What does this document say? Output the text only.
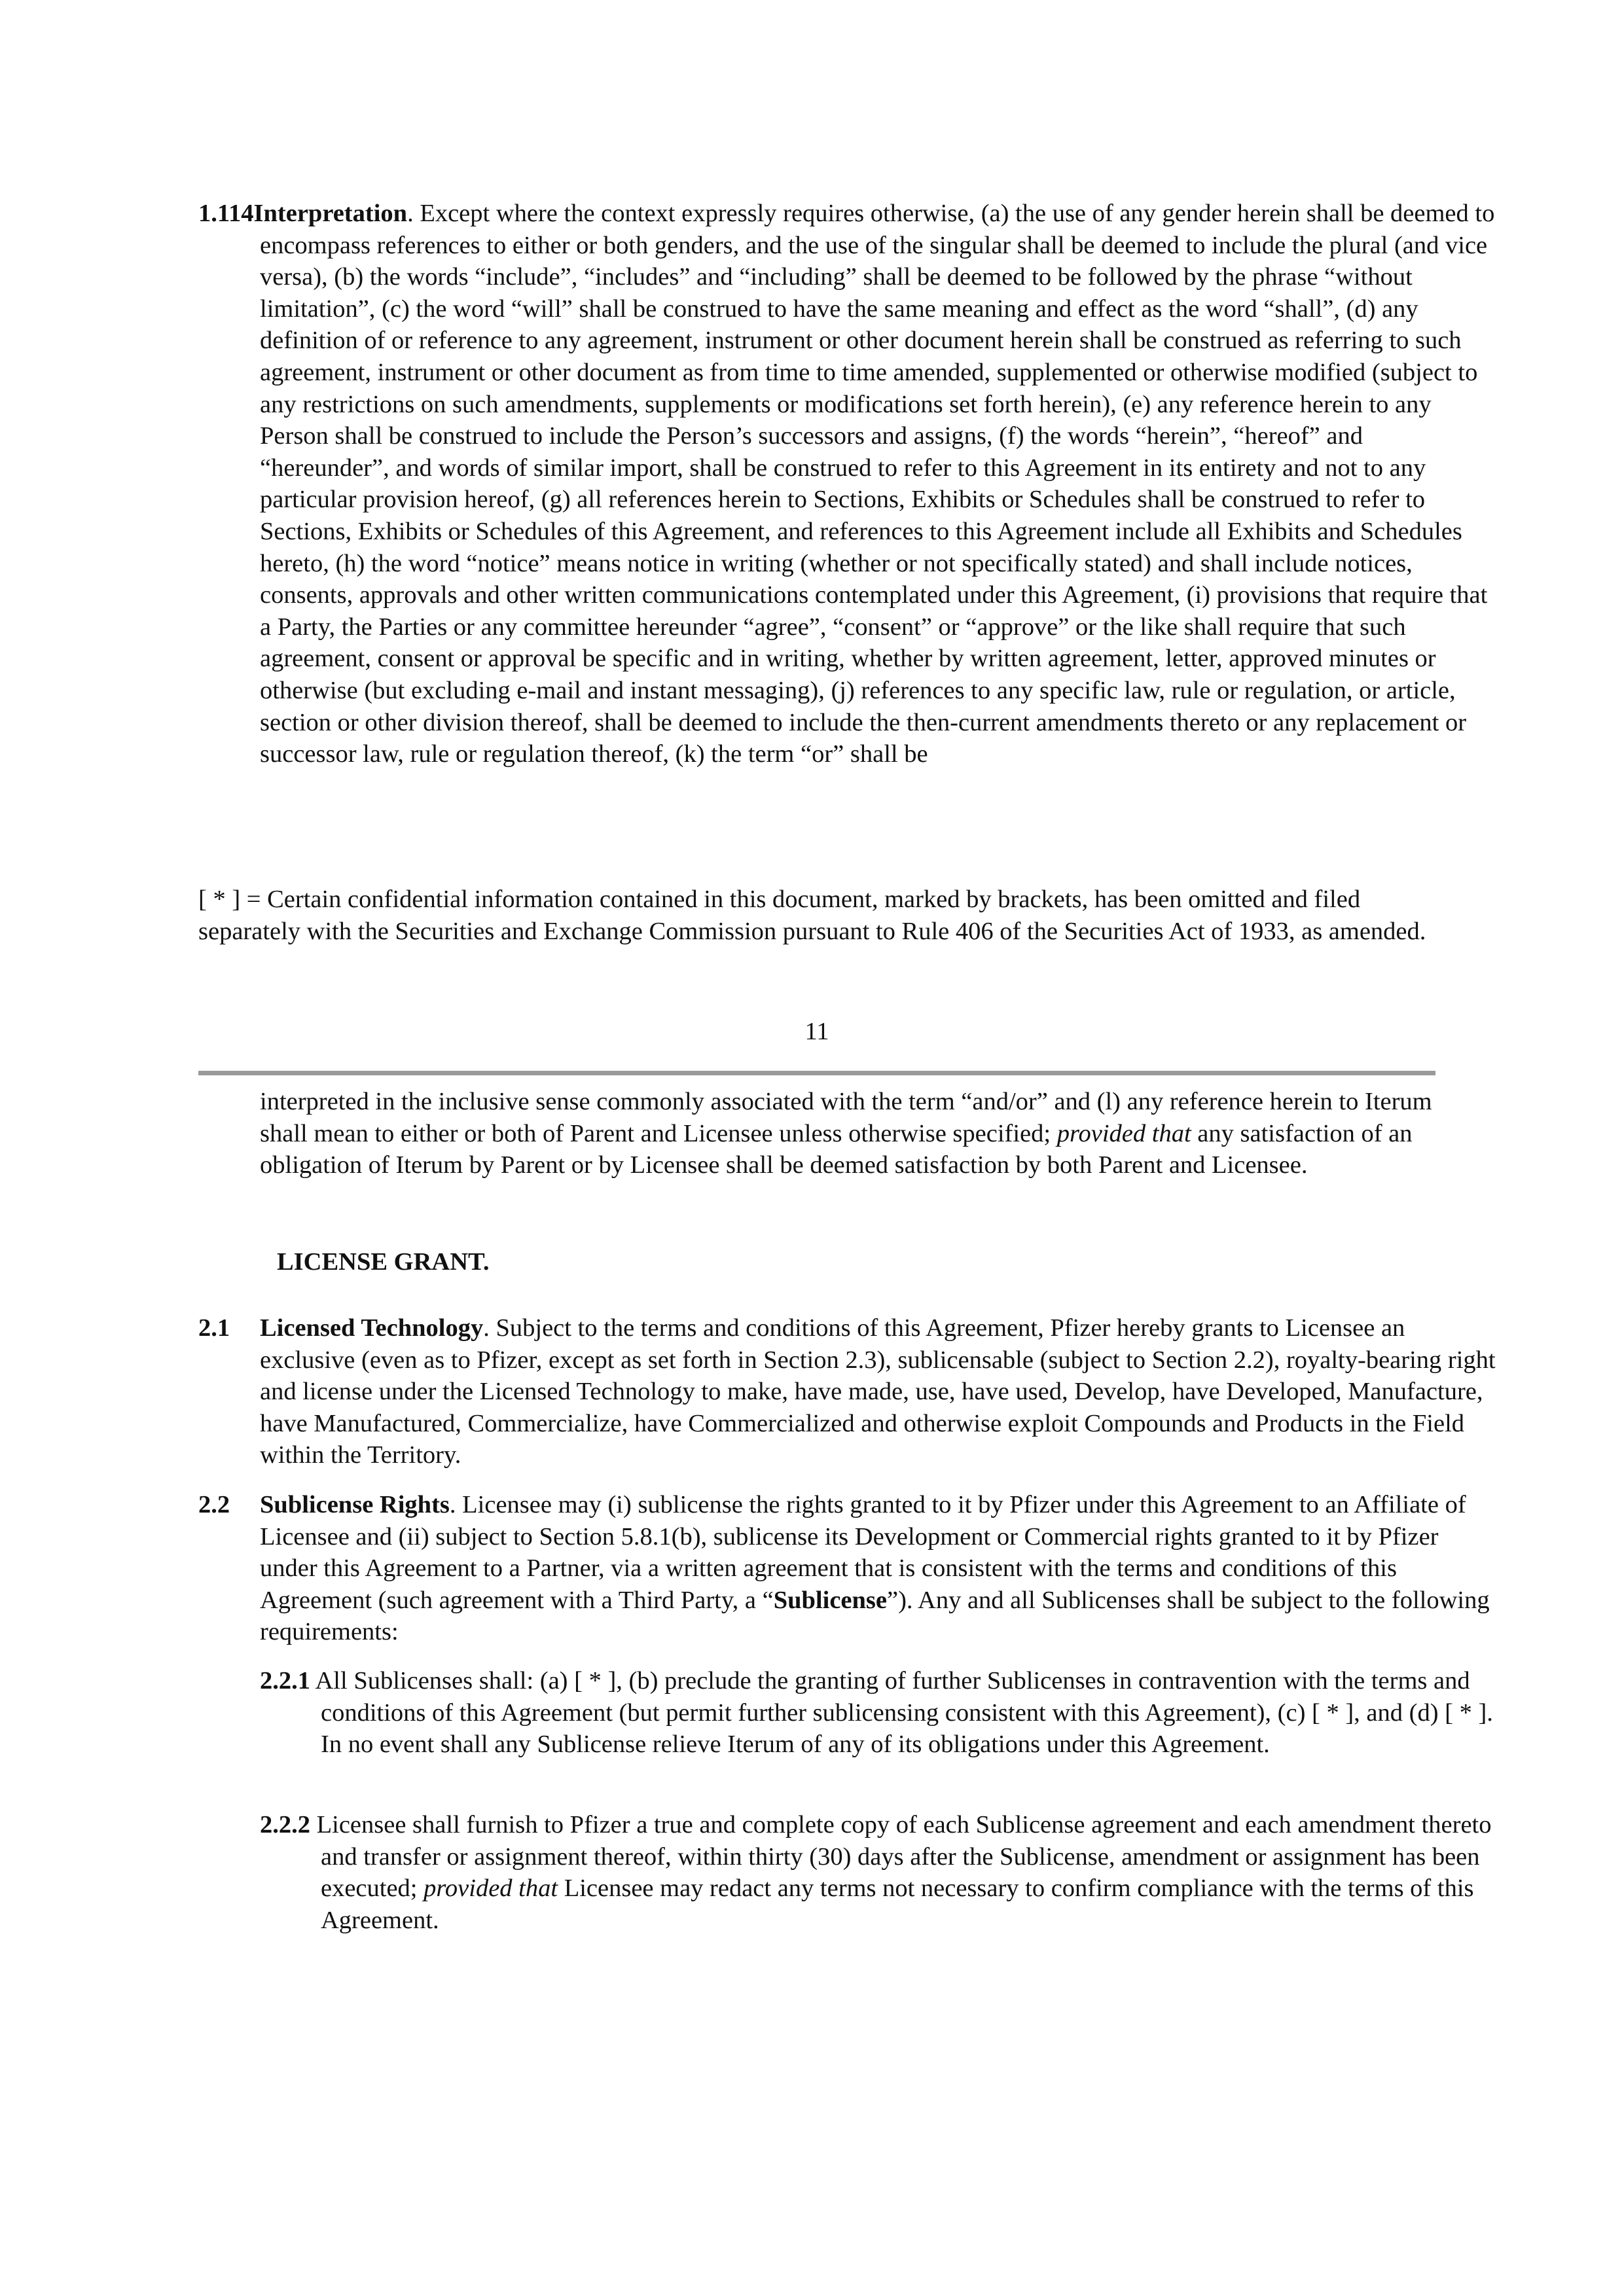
1.114Interpretation. Except where the context expressly requires otherwise, (a) the use of any gender herein shall be deemed to encompass references to either or both genders, and the use of the singular shall be deemed to include the plural (and vice versa), (b) the words “include”, “includes” and “including” shall be deemed to be followed by the phrase “without limitation”, (c) the word “will” shall be construed to have the same meaning and effect as the word “shall”, (d) any definition of or reference to any agreement, instrument or other document herein shall be construed as referring to such agreement, instrument or other document as from time to time amended, supplemented or otherwise modified (subject to any restrictions on such amendments, supplements or modifications set forth herein), (e) any reference herein to any Person shall be construed to include the Person’s successors and assigns, (f) the words “herein”, “hereof” and “hereunder”, and words of similar import, shall be construed to refer to this Agreement in its entirety and not to any particular provision hereof, (g) all references herein to Sections, Exhibits or Schedules shall be construed to refer to Sections, Exhibits or Schedules of this Agreement, and references to this Agreement include all Exhibits and Schedules hereto, (h) the word “notice” means notice in writing (whether or not specifically stated) and shall include notices, consents, approvals and other written communications contemplated under this Agreement, (i) provisions that require that a Party, the Parties or any committee hereunder “agree”, “consent” or “approve” or the like shall require that such agreement, consent or approval be specific and in writing, whether by written agreement, letter, approved minutes or otherwise (but excluding e-mail and instant messaging), (j) references to any specific law, rule or regulation, or article, section or other division thereof, shall be deemed to include the then-current amendments thereto or any replacement or successor law, rule or regulation thereof, (k) the term “or” shall be
[ * ] = Certain confidential information contained in this document, marked by brackets, has been omitted and filed separately with the Securities and Exchange Commission pursuant to Rule 406 of the Securities Act of 1933, as amended.
11
interpreted in the inclusive sense commonly associated with the term “and/or” and (l) any reference herein to Iterum shall mean to either or both of Parent and Licensee unless otherwise specified; provided that any satisfaction of an obligation of Iterum by Parent or by Licensee shall be deemed satisfaction by both Parent and Licensee.
LICENSE GRANT.
2.1 Licensed Technology. Subject to the terms and conditions of this Agreement, Pfizer hereby grants to Licensee an exclusive (even as to Pfizer, except as set forth in Section 2.3), sublicensable (subject to Section 2.2), royalty-bearing right and license under the Licensed Technology to make, have made, use, have used, Develop, have Developed, Manufacture, have Manufactured, Commercialize, have Commercialized and otherwise exploit Compounds and Products in the Field within the Territory.
2.2 Sublicense Rights. Licensee may (i) sublicense the rights granted to it by Pfizer under this Agreement to an Affiliate of Licensee and (ii) subject to Section 5.8.1(b), sublicense its Development or Commercial rights granted to it by Pfizer under this Agreement to a Partner, via a written agreement that is consistent with the terms and conditions of this Agreement (such agreement with a Third Party, a “Sublicense”). Any and all Sublicenses shall be subject to the following requirements:
2.2.1 All Sublicenses shall: (a) [ * ], (b) preclude the granting of further Sublicenses in contravention with the terms and conditions of this Agreement (but permit further sublicensing consistent with this Agreement), (c) [ * ], and (d) [ * ]. In no event shall any Sublicense relieve Iterum of any of its obligations under this Agreement.
2.2.2 Licensee shall furnish to Pfizer a true and complete copy of each Sublicense agreement and each amendment thereto and transfer or assignment thereof, within thirty (30) days after the Sublicense, amendment or assignment has been executed; provided that Licensee may redact any terms not necessary to confirm compliance with the terms of this Agreement.
